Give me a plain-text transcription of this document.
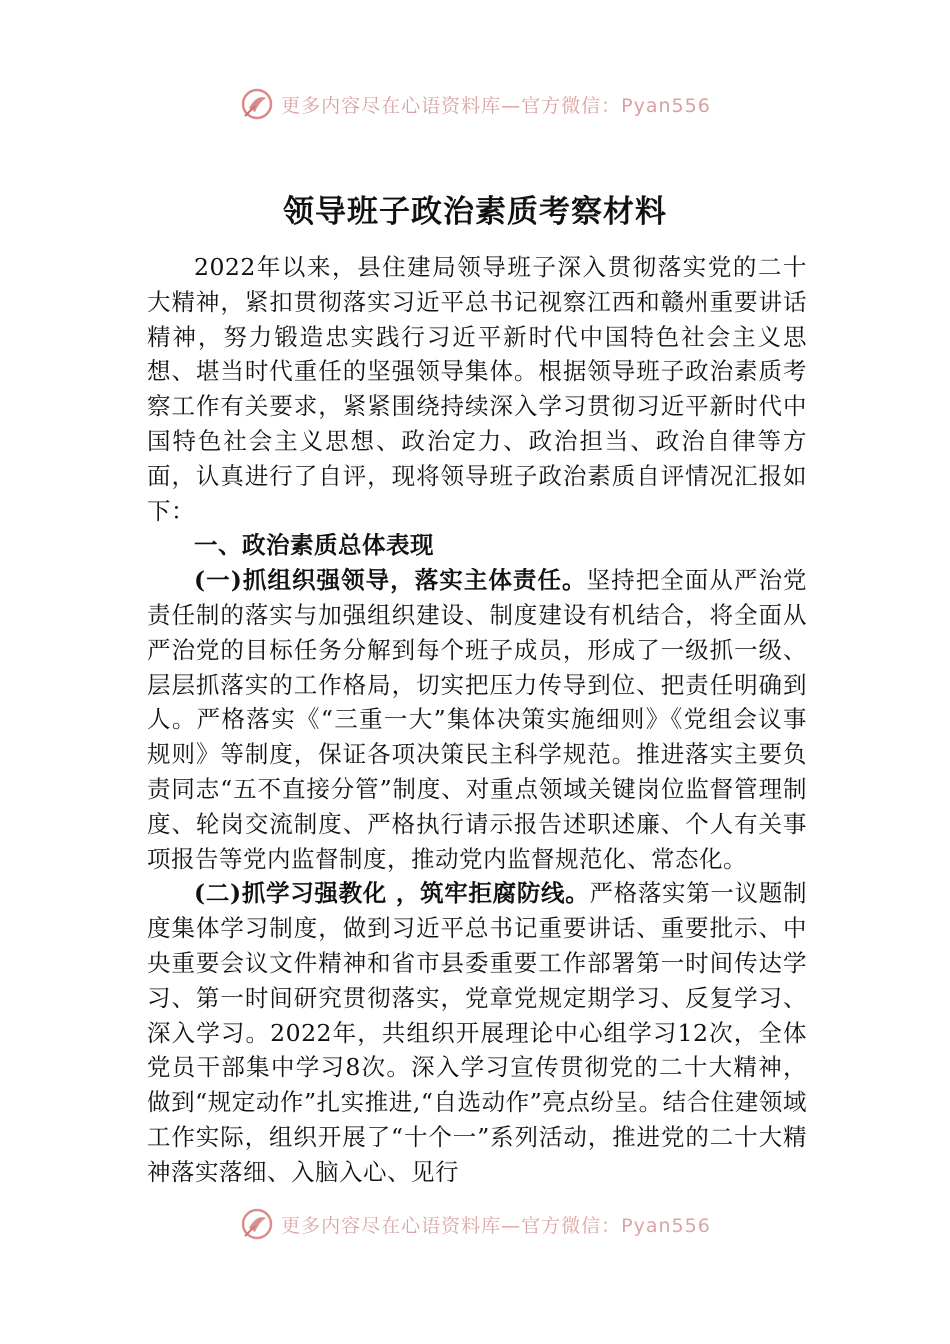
更多内容尽在心语资料库—官方微信：Pyan556
领导班子政治素质考察材料

2022年以来，县住建局领导班子深入贯彻落实党的二十大精神，紧扣贯彻落实习近平总书记视察江西和赣州重要讲话精神，努力锻造忠实践行习近平新时代中国特色社会主义思想、堪当时代重任的坚强领导集体。根据领导班子政治素质考察工作有关要求，紧紧围绕持续深入学习贯彻习近平新时代中国特色社会主义思想、政治定力、政治担当、政治自律等方面，认真进行了自评，现将领导班子政治素质自评情况汇报如下：

一、政治素质总体表现

(一)抓组织强领导，落实主体责任。坚持把全面从严治党责任制的落实与加强组织建设、制度建设有机结合，将全面从严治党的目标任务分解到每个班子成员，形成了一级抓一级、层层抓落实的工作格局，切实把压力传导到位、把责任明确到人。严格落实《“三重一大”集体决策实施细则》《党组会议事规则》等制度，保证各项决策民主科学规范。推进落实主要负责同志“五不直接分管”制度、对重点领域关键岗位监督管理制度、轮岗交流制度、严格执行请示报告述职述廉、个人有关事项报告等党内监督制度，推动党内监督规范化、常态化。

(二)抓学习强教化 ，筑牢拒腐防线。严格落实第一议题制度集体学习制度，做到习近平总书记重要讲话、重要批示、中央重要会议文件精神和省市县委重要工作部署第一时间传达学习、第一时间研究贯彻落实，党章党规定期学习、反复学习、深入学习。2022年，共组织开展理论中心组学习12次，全体党员干部集中学习8次。深入学习宣传贯彻党的二十大精神，做到“规定动作”扎实推进,“自选动作”亮点纷呈。结合住建领域工作实际，组织开展了“十个一”系列活动，推进党的二十大精神落实落细、入脑入心、见行

更多内容尽在心语资料库—官方微信：Pyan556
